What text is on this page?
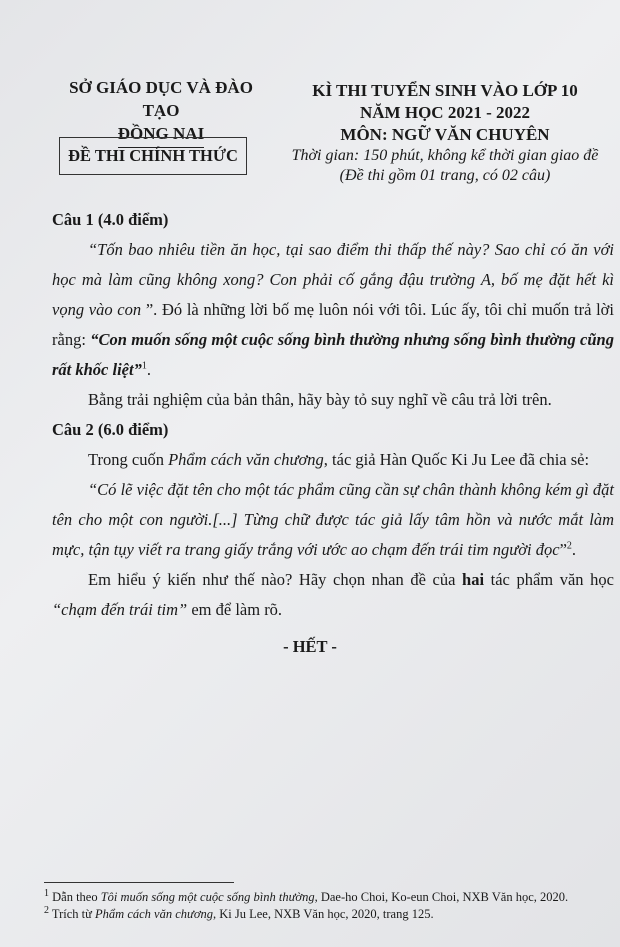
SỞ GIÁO DỤC VÀ ĐÀO TẠO
ĐỒNG NAI
ĐỀ THI CHÍNH THỨC
KÌ THI TUYỂN SINH VÀO LỚP 10
NĂM HỌC 2021 - 2022
MÔN: NGỮ VĂN CHUYÊN
Thời gian: 150 phút, không kể thời gian giao đề
(Đề thi gồm 01 trang, có 02 câu)

Câu 1 (4.0 điểm)

“Tốn bao nhiêu tiền ăn học, tại sao điểm thi thấp thế này? Sao chỉ có ăn với học mà làm cũng không xong? Con phải cố gắng đậu trường A, bố mẹ đặt hết kì vọng vào con ”. Đó là những lời bố mẹ luôn nói với tôi. Lúc ấy, tôi chỉ muốn trả lời rằng: “Con muốn sống một cuộc sống bình thường nhưng sống bình thường cũng rất khốc liệt”$^1$.

Bằng trải nghiệm của bản thân, hãy bày tỏ suy nghĩ về câu trả lời trên.

Câu 2 (6.0 điểm)

Trong cuốn Phẩm cách văn chương, tác giả Hàn Quốc Ki Ju Lee đã chia sẻ:

“Có lẽ việc đặt tên cho một tác phẩm cũng cần sự chân thành không kém gì đặt tên cho một con người.[...] Từng chữ được tác giả lấy tâm hồn và nước mắt làm mực, tận tụy viết ra trang giấy trắng với ước ao chạm đến trái tim người đọc”$^2$.

Em hiểu ý kiến như thế nào? Hãy chọn nhan đề của hai tác phẩm văn học “chạm đến trái tim” em để làm rõ.

- HẾT -

$^1$ Dẫn theo Tôi muốn sống một cuộc sống bình thường, Dae-ho Choi, Ko-eun Choi, NXB Văn học, 2020.

$^2$ Trích từ Phẩm cách văn chương, Ki Ju Lee, NXB Văn học, 2020, trang 125.
